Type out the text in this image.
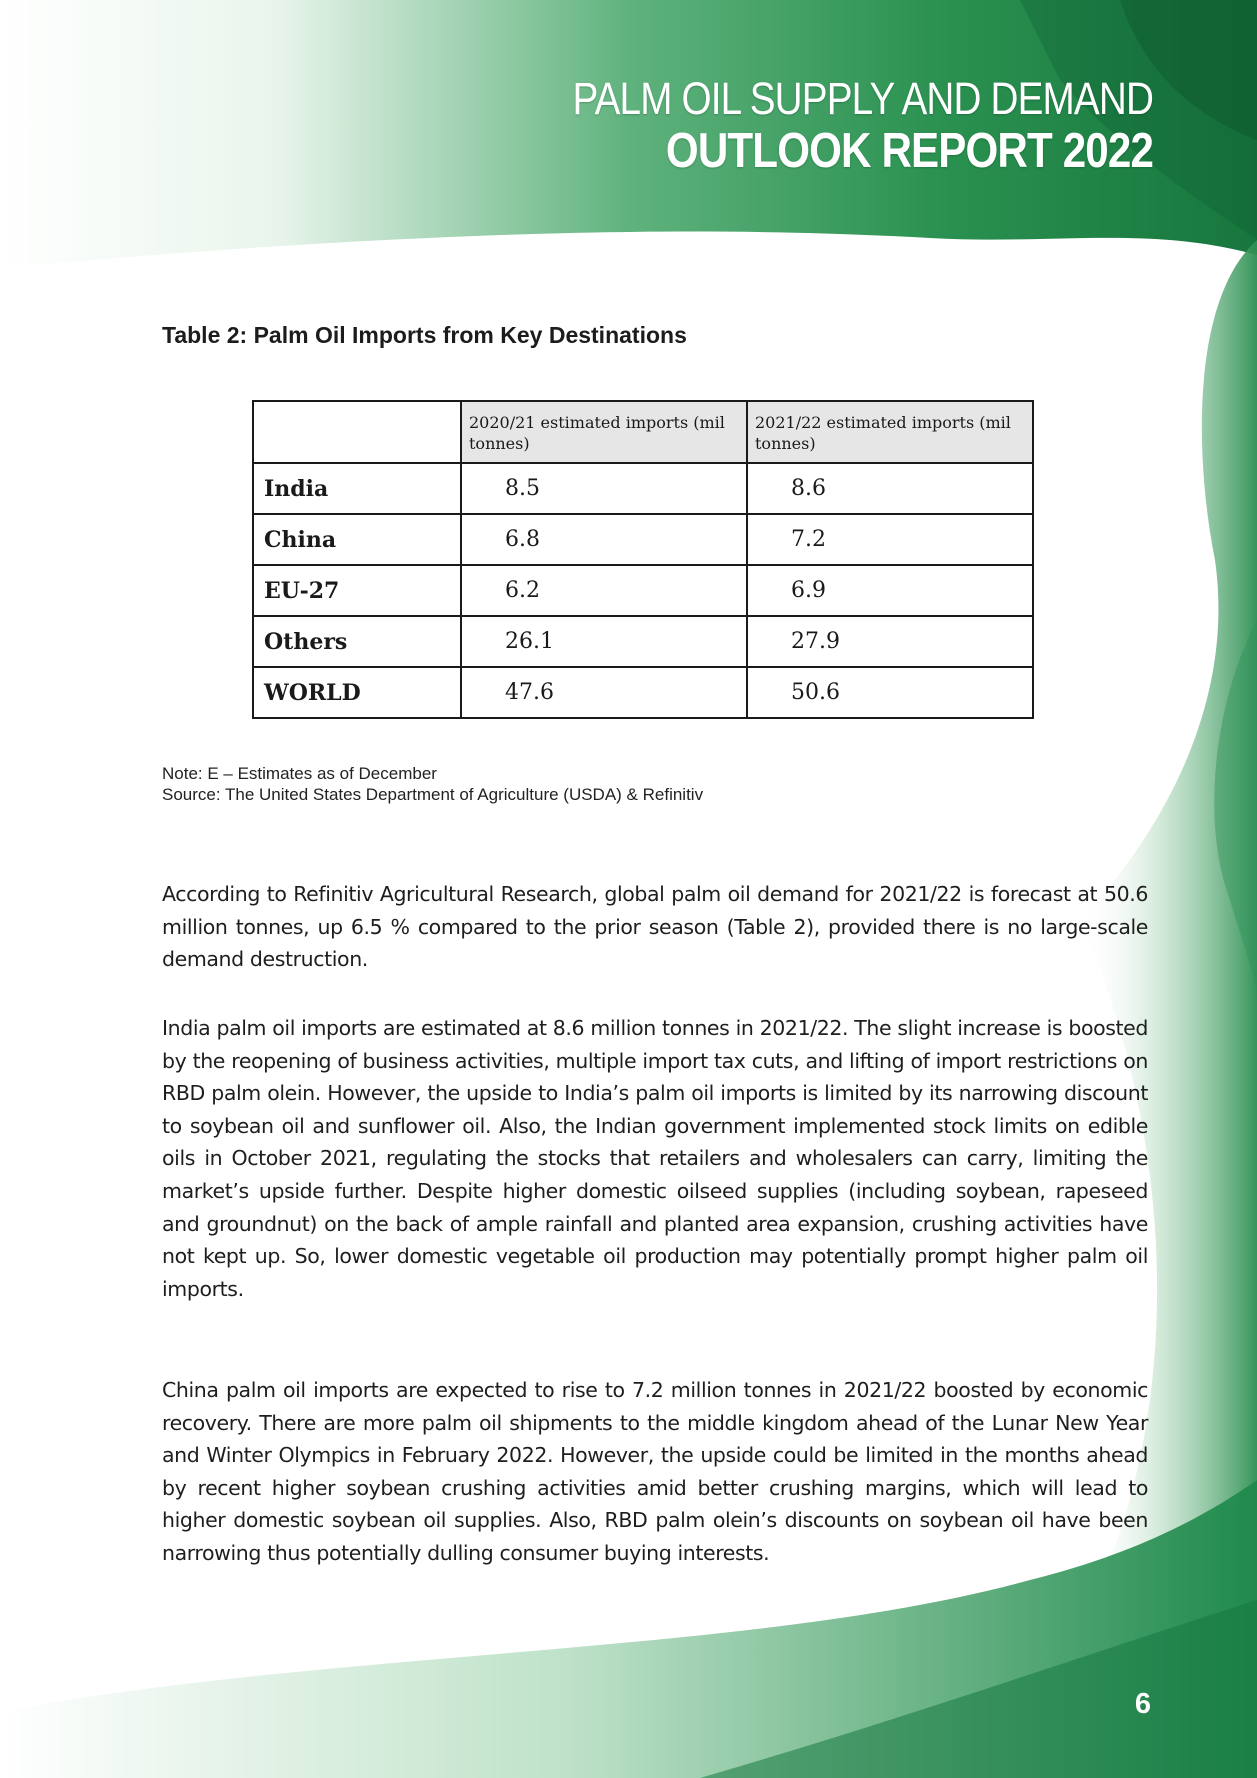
PALM OIL SUPPLY AND DEMAND
OUTLOOK REPORT 2022
Table 2: Palm Oil Imports from Key Destinations
	2020/21 estimated imports (mil tonnes)	2021/22 estimated imports (mil tonnes)
India	8.5	8.6
China	6.8	7.2
EU-27	6.2	6.9
Others	26.1	27.9
WORLD	47.6	50.6
Note: E – Estimates as of December
Source: The United States Department of Agriculture (USDA) & Refinitiv

According to Refinitiv Agricultural Research, global palm oil demand for 2021/22 is forecast at 50.6 million tonnes, up 6.5 % compared to the prior season (Table 2), provided there is no large-scale demand destruction.

India palm oil imports are estimated at 8.6 million tonnes in 2021/22. The slight increase is boosted by the reopening of business activities, multiple import tax cuts, and lifting of import restrictions on RBD palm olein. However, the upside to India’s palm oil imports is limited by its narrowing discount to soybean oil and sunflower oil. Also, the Indian government implemented stock limits on edible oils in October 2021, regulating the stocks that retailers and wholesalers can carry, limiting the market’s upside further. Despite higher domestic oilseed supplies (including soybean, rapeseed and groundnut) on the back of ample rainfall and planted area expansion, crushing activities have not kept up. So, lower domestic vegetable oil production may potentially prompt higher palm oil imports.

China palm oil imports are expected to rise to 7.2 million tonnes in 2021/22 boosted by economic recovery. There are more palm oil shipments to the middle kingdom ahead of the Lunar New Year and Winter Olympics in February 2022. However, the upside could be limited in the months ahead by recent higher soybean crushing activities amid better crushing margins, which will lead to higher domestic soybean oil supplies. Also, RBD palm olein’s discounts on soybean oil have been narrowing thus potentially dulling consumer buying interests.

6
